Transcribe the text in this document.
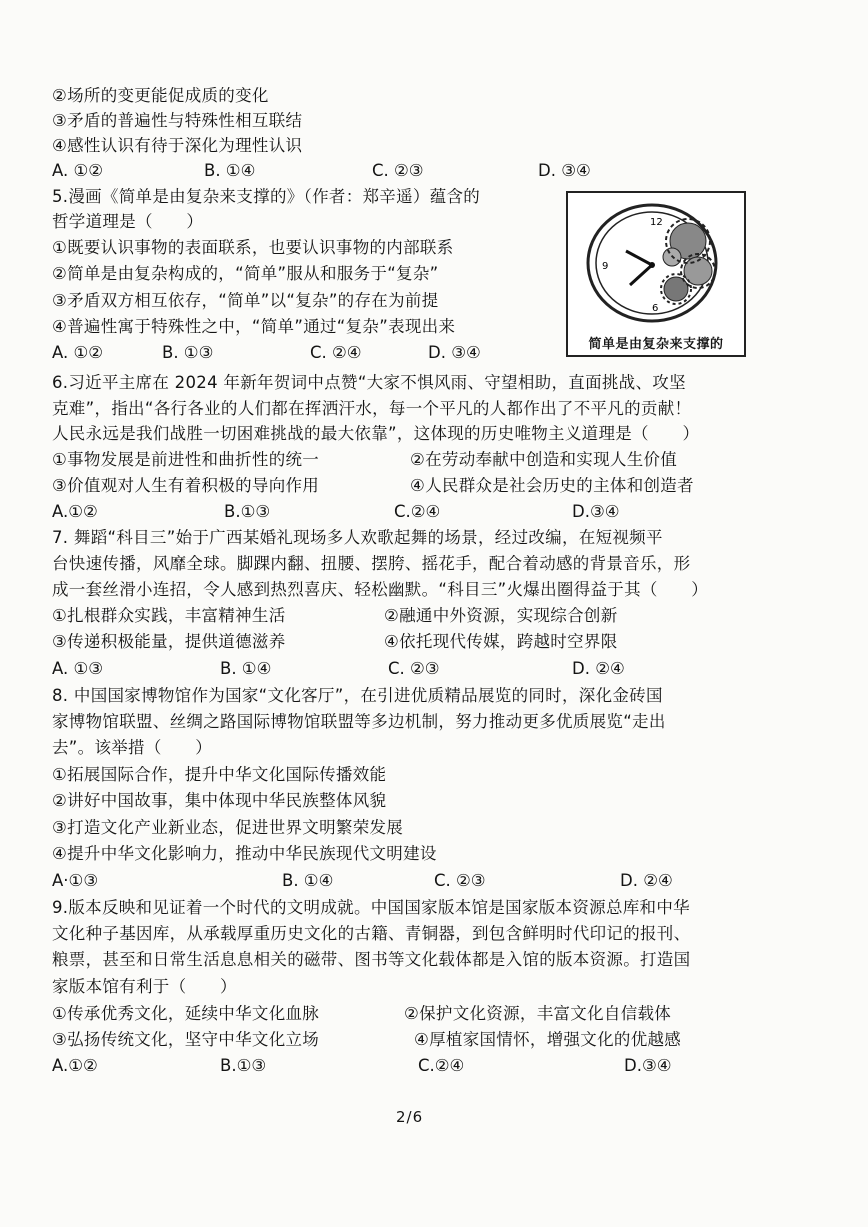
②场所的变更能促成质的变化
③矛盾的普遍性与特殊性相互联结
④感性认识有待于深化为理性认识
A. ①②	B. ①④	C. ②③	D. ③④
5.漫画《简单是由复杂来支撑的》（作者：郑辛遥）蕴含的
哲学道理是（　　）
①既要认识事物的表面联系，也要认识事物的内部联系
②简单是由复杂构成的，“简单”服从和服务于“复杂”
③矛盾双方相互依存，“简单”以“复杂”的存在为前提
④普遍性寓于特殊性之中，“简单”通过“复杂”表现出来
A. ①②	B. ①③	C. ②④	D. ③④
12
9
6
简单是由复杂来支撑的
6.习近平主席在 2024 年新年贺词中点赞“大家不惧风雨、守望相助，直面挑战、攻坚
克难”，指出“各行各业的人们都在挥洒汗水，每一个平凡的人都作出了不平凡的贡献！
人民永远是我们战胜一切困难挑战的最大依靠”，这体现的历史唯物主义道理是（　　）
①事物发展是前进性和曲折性的统一	②在劳动奉献中创造和实现人生价值
③价值观对人生有着积极的导向作用	④人民群众是社会历史的主体和创造者
A.①②	B.①③	C.②④	D.③④
7. 舞蹈“科目三”始于广西某婚礼现场多人欢歌起舞的场景，经过改编，在短视频平
台快速传播，风靡全球。脚踝内翻、扭腰、摆胯、摇花手，配合着动感的背景音乐，形
成一套丝滑小连招，令人感到热烈喜庆、轻松幽默。“科目三”火爆出圈得益于其（　　）
①扎根群众实践，丰富精神生活	②融通中外资源，实现综合创新
③传递积极能量，提供道德滋养	④依托现代传媒，跨越时空界限
A. ①③	B. ①④	C. ②③	D. ②④
8. 中国国家博物馆作为国家“文化客厅”，在引进优质精品展览的同时，深化金砖国
家博物馆联盟、丝绸之路国际博物馆联盟等多边机制，努力推动更多优质展览“走出
去”。该举措（　　）
①拓展国际合作，提升中华文化国际传播效能
②讲好中国故事，集中体现中华民族整体风貌
③打造文化产业新业态，促进世界文明繁荣发展
④提升中华文化影响力，推动中华民族现代文明建设
A·①③	B. ①④	C. ②③	D. ②④
9.版本反映和见证着一个时代的文明成就。中国国家版本馆是国家版本资源总库和中华
文化种子基因库，从承载厚重历史文化的古籍、青铜器，到包含鲜明时代印记的报刊、
粮票，甚至和日常生活息息相关的磁带、图书等文化载体都是入馆的版本资源。打造国
家版本馆有利于（　　）
①传承优秀文化，延续中华文化血脉	②保护文化资源，丰富文化自信载体
③弘扬传统文化，坚守中华文化立场	④厚植家国情怀，增强文化的优越感
A.①②	B.①③	C.②④	D.③④
2/6
